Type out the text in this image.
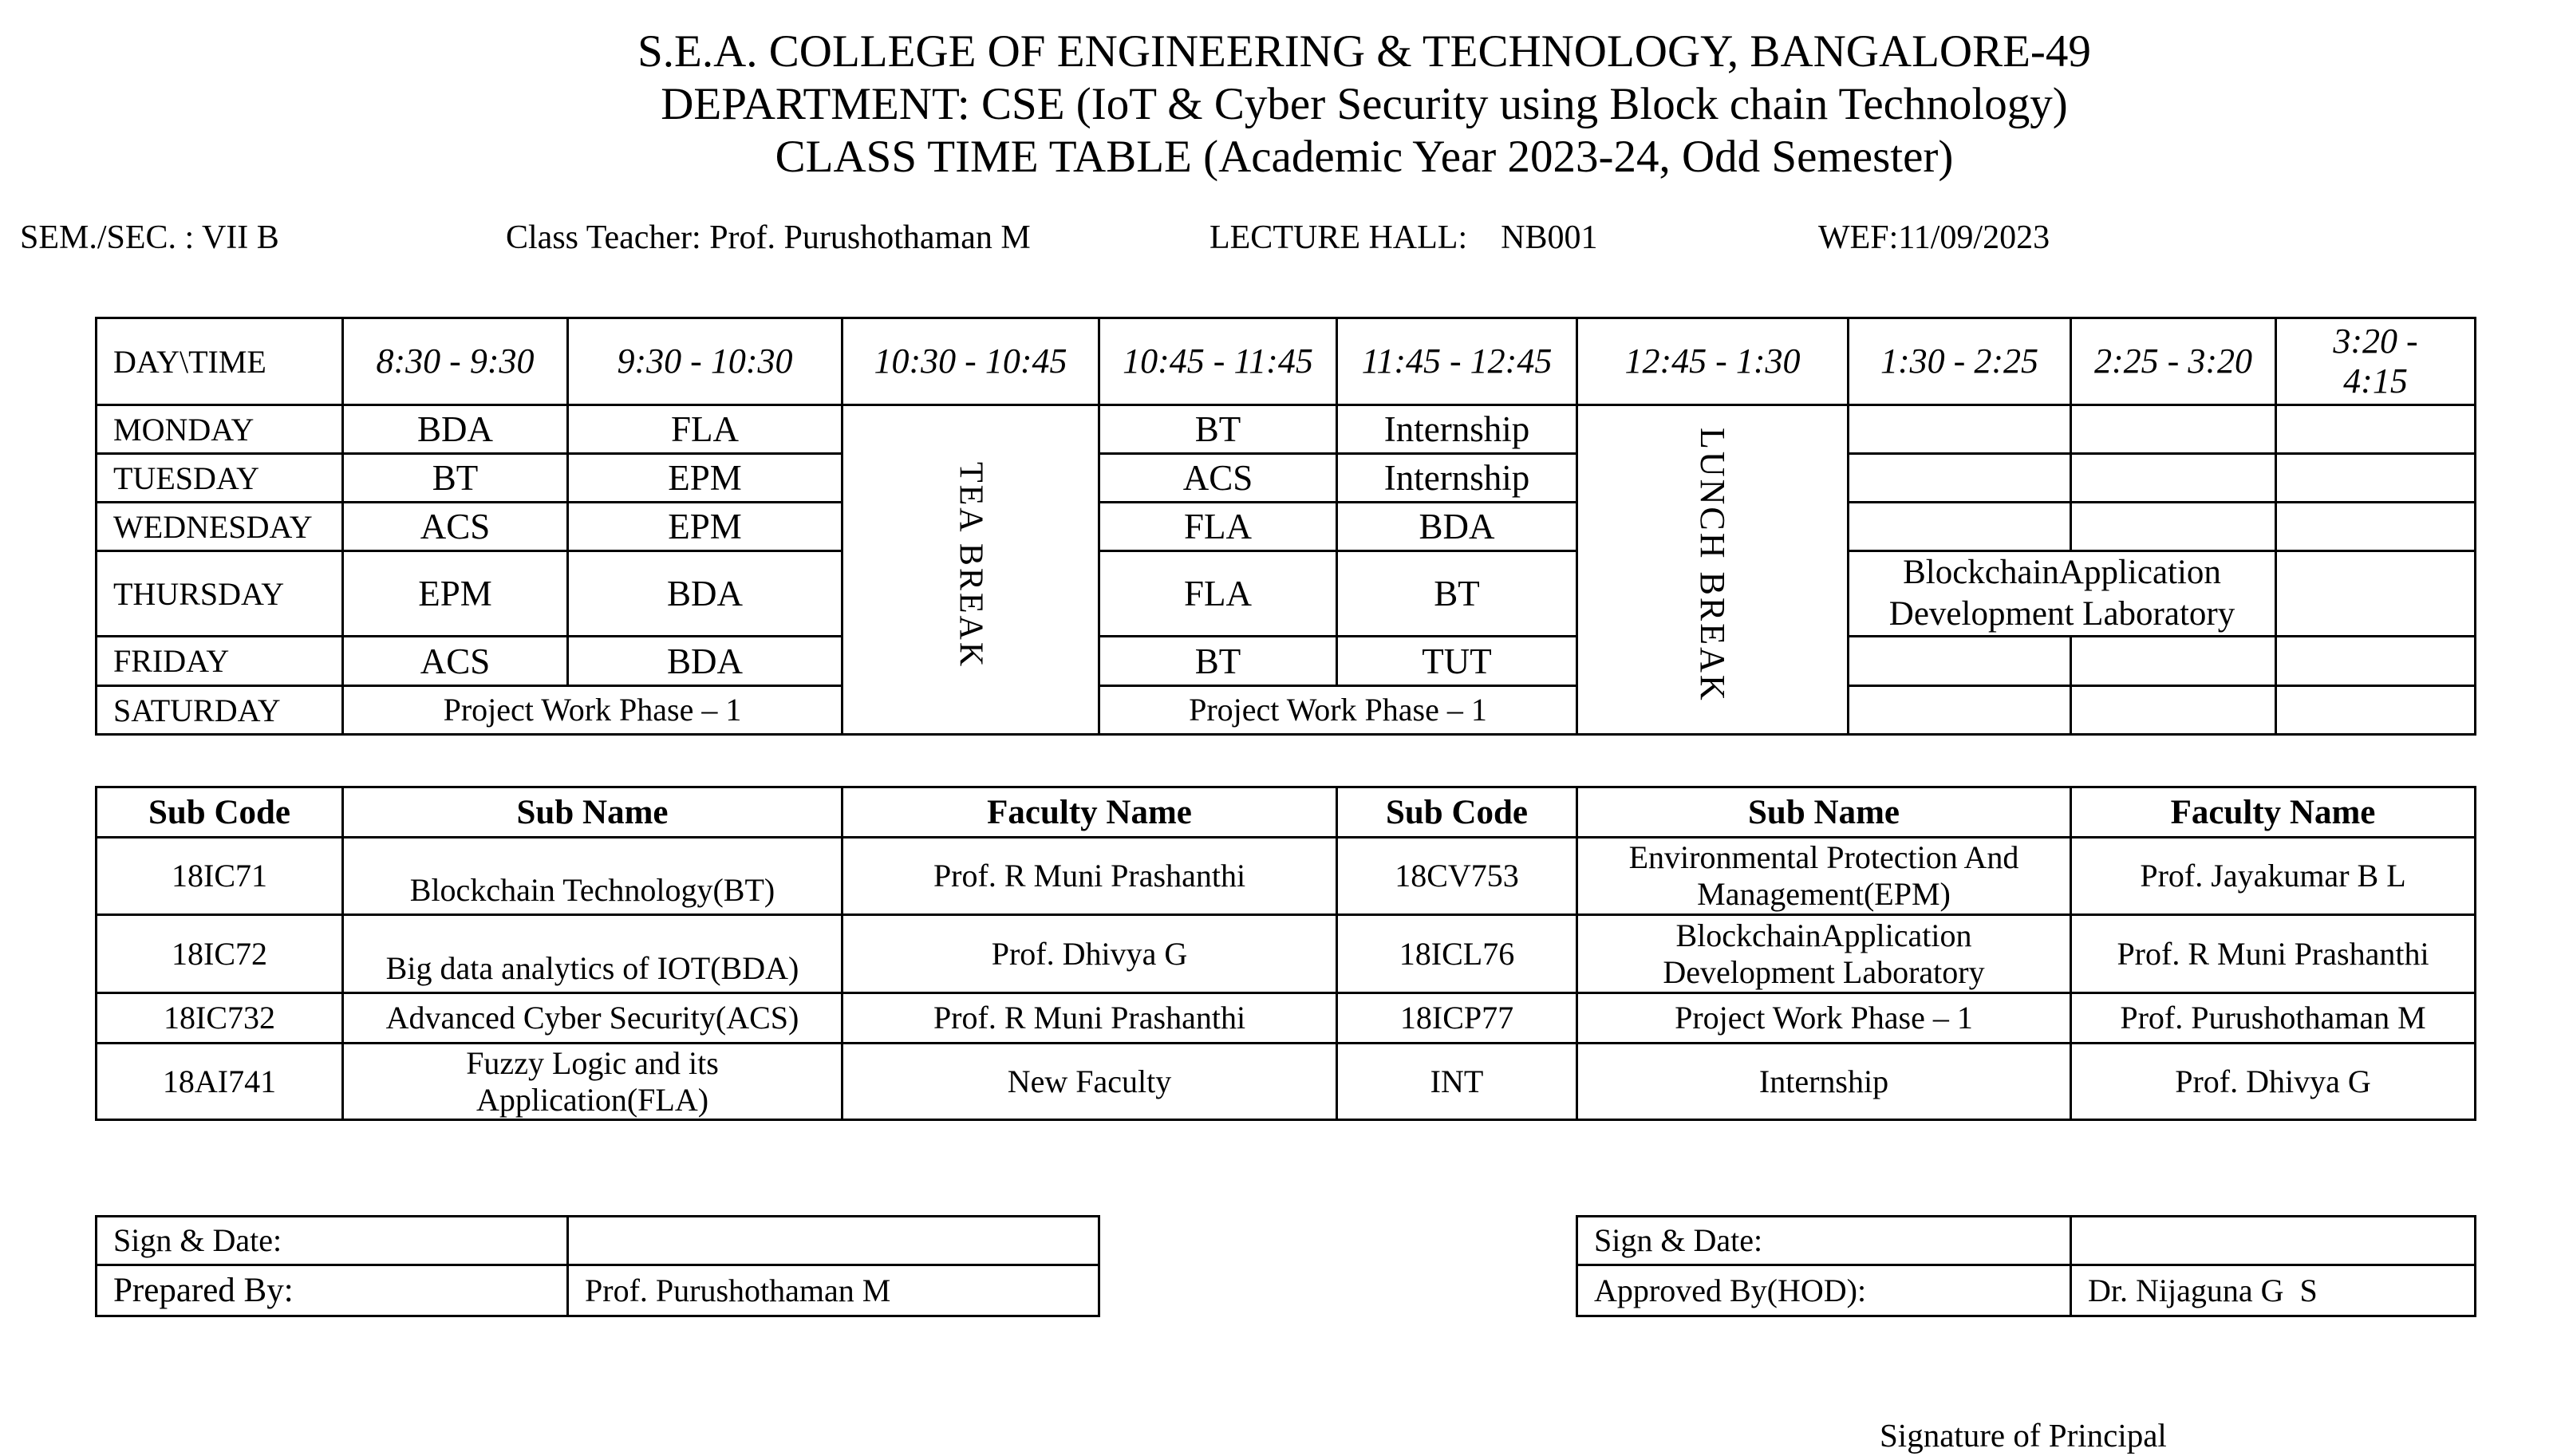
S.E.A. COLLEGE OF ENGINEERING & TECHNOLOGY, BANGALORE-49
DEPARTMENT: CSE (IoT & Cyber Security using Block chain Technology)
CLASS TIME TABLE (Academic Year 2023-24, Odd Semester)
SEM./SEC. : VII B	Class Teacher: Prof. Purushothaman M	LECTURE HALL:    NB001	WEF:11/09/2023
DAY\TIME	8:30 - 9:30	9:30 - 10:30	10:30 - 10:45	10:45 - 11:45	11:45 - 12:45	12:45 - 1:30	1:30 - 2:25	2:25 - 3:20	3:20 - 4:15
MONDAY	BDA	FLA	TEA BREAK	BT	Internship	LUNCH BREAK			
TUESDAY	BT	EPM		ACS	Internship				
WEDNESDAY	ACS	EPM		FLA	BDA				
THURSDAY	EPM	BDA		FLA	BT		BlockchainApplication Development Laboratory		
FRIDAY	ACS	BDA		BT	TUT				
SATURDAY	Project Work Phase – 1			Project Work Phase – 1					
Sub Code	Sub Name	Faculty Name	Sub Code	Sub Name	Faculty Name
18IC71	Blockchain Technology(BT)	Prof. R Muni Prashanthi	18CV753	Environmental Protection And Management(EPM)	Prof. Jayakumar B L
18IC72	Big data analytics of IOT(BDA)	Prof. Dhivya G	18ICL76	BlockchainApplication Development Laboratory	Prof. R Muni Prashanthi
18IC732	Advanced Cyber Security(ACS)	Prof. R Muni Prashanthi	18ICP77	Project Work Phase – 1	Prof. Purushothaman M
18AI741	Fuzzy Logic and its Application(FLA)	New Faculty	INT	Internship	Prof. Dhivya G
Sign & Date:	
Prepared By:	Prof. Purushothaman M
Sign & Date:	
Approved By(HOD):	Dr. Nijaguna G  S
Signature of Principal
